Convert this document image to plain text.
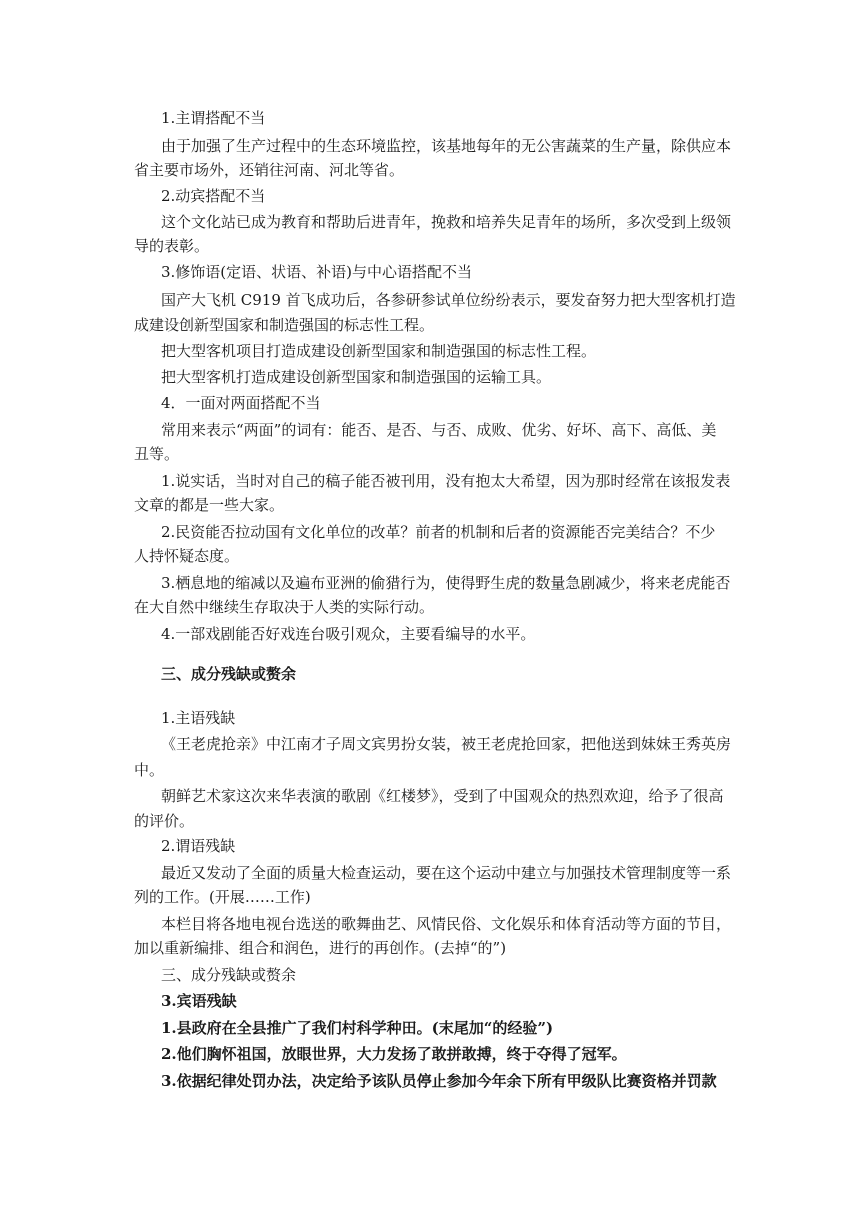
1.主谓搭配不当
由于加强了生产过程中的生态环境监控，该基地每年的无公害蔬菜的生产量，除供应本
省主要市场外，还销往河南、河北等省。
2.动宾搭配不当
这个文化站已成为教育和帮助后进青年，挽救和培养失足青年的场所，多次受到上级领
导的表彰。
3.修饰语(定语、状语、补语)与中心语搭配不当
国产大飞机 C919 首飞成功后，各参研参试单位纷纷表示，要发奋努力把大型客机打造
成建设创新型国家和制造强国的标志性工程。
把大型客机项目打造成建设创新型国家和制造强国的标志性工程。
把大型客机打造成建设创新型国家和制造强国的运输工具。
4．一面对两面搭配不当
常用来表示“两面”的词有：能否、是否、与否、成败、优劣、好坏、高下、高低、美
丑等。
1.说实话，当时对自己的稿子能否被刊用，没有抱太大希望，因为那时经常在该报发表
文章的都是一些大家。
2.民资能否拉动国有文化单位的改革？前者的机制和后者的资源能否完美结合？不少
人持怀疑态度。
3.栖息地的缩减以及遍布亚洲的偷猎行为，使得野生虎的数量急剧减少，将来老虎能否
在大自然中继续生存取决于人类的实际行动。
4.一部戏剧能否好戏连台吸引观众，主要看编导的水平。
三、成分残缺或赘余
1.主语残缺
《王老虎抢亲》中江南才子周文宾男扮女装，被王老虎抢回家，把他送到妹妹王秀英房
中。
朝鲜艺术家这次来华表演的歌剧《红楼梦》，受到了中国观众的热烈欢迎，给予了很高
的评价。
2.谓语残缺
最近又发动了全面的质量大检查运动，要在这个运动中建立与加强技术管理制度等一系
列的工作。(开展……工作)
本栏目将各地电视台选送的歌舞曲艺、风情民俗、文化娱乐和体育活动等方面的节目，
加以重新编排、组合和润色，进行的再创作。(去掉“的”)
三、成分残缺或赘余
3.宾语残缺
1.县政府在全县推广了我们村科学种田。(末尾加“的经验”)
2.他们胸怀祖国，放眼世界，大力发扬了敢拼敢搏，终于夺得了冠军。
3.依据纪律处罚办法，决定给予该队员停止参加今年余下所有甲级队比赛资格并罚款
